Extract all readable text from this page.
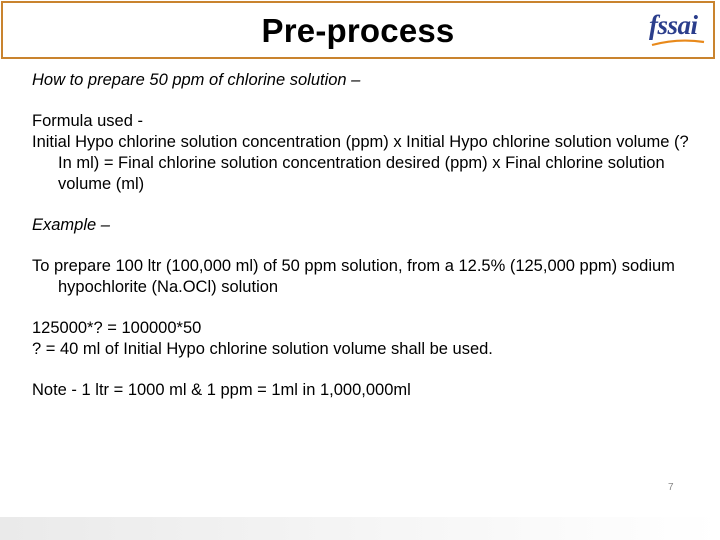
Pre-process	fssai

How to prepare 50 ppm of chlorine solution –

Formula used -

Initial Hypo chlorine solution concentration (ppm) x Initial Hypo chlorine solution volume (? In ml) = Final chlorine solution concentration desired (ppm) x Final chlorine solution volume (ml)

Example –

To prepare 100 ltr (100,000 ml) of 50 ppm solution, from a 12.5% (125,000 ppm) sodium hypochlorite (Na.OCl) solution

125000*? = 100000*50

? = 40 ml of Initial Hypo chlorine solution volume shall be used.

Note - 1 ltr = 1000 ml & 1 ppm = 1ml in 1,000,000ml

7
